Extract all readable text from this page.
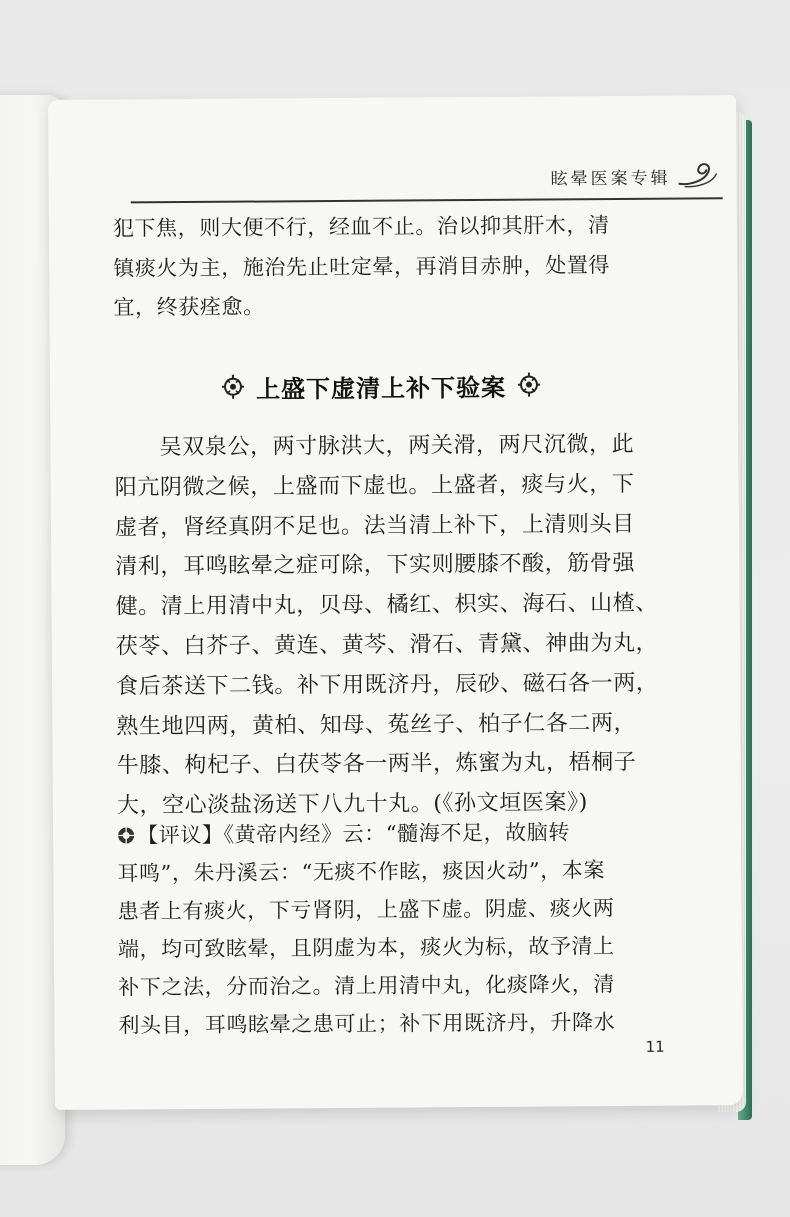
眩晕医案专辑
犯下焦，则大便不行，经血不止。治以抑其肝木，清
镇痰火为主，施治先止吐定晕，再消目赤肿，处置得
宜，终获痊愈。
上盛下虚清上补下验案
　　吴双泉公，两寸脉洪大，两关滑，两尺沉微，此
阳亢阴微之候，上盛而下虚也。上盛者，痰与火，下
虚者，肾经真阴不足也。法当清上补下，上清则头目
清利，耳鸣眩晕之症可除，下实则腰膝不酸，筋骨强
健。清上用清中丸，贝母、橘红、枳实、海石、山楂、
茯苓、白芥子、黄连、黄芩、滑石、青黛、神曲为丸，
食后茶送下二钱。补下用既济丹，辰砂、磁石各一两，
熟生地四两，黄柏、知母、菟丝子、柏子仁各二两，
牛膝、枸杞子、白茯苓各一两半，炼蜜为丸，梧桐子
大，空心淡盐汤送下八九十丸。(《孙文垣医案》)
【评议】《黄帝内经》云：“髓海不足，故脑转
耳鸣”，朱丹溪云：“无痰不作眩，痰因火动”，本案
患者上有痰火，下亏肾阴，上盛下虚。阴虚、痰火两
端，均可致眩晕，且阴虚为本，痰火为标，故予清上
补下之法，分而治之。清上用清中丸，化痰降火，清
利头目，耳鸣眩晕之患可止；补下用既济丹，升降水
11
